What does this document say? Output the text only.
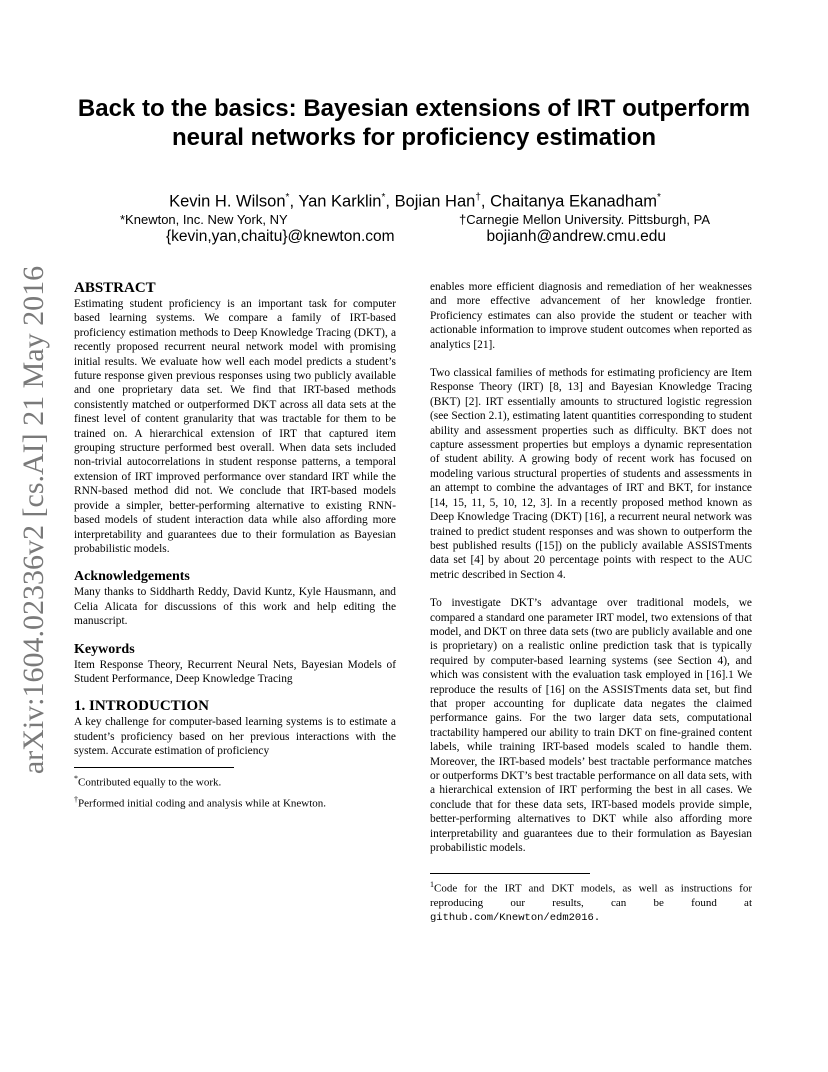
arXiv:1604.02336v2 [cs.AI] 21 May 2016
Back to the basics: Bayesian extensions of IRT outperform neural networks for proficiency estimation
Kevin H. Wilson*, Yan Karklin*, Bojian Han†, Chaitanya Ekanadham*
*Knewton, Inc. New York, NY	†Carnegie Mellon University. Pittsburgh, PA
{kevin,yan,chaitu}@knewton.com	bojianh@andrew.cmu.edu
ABSTRACT

Estimating student proficiency is an important task for computer based learning systems. We compare a family of IRT-based proficiency estimation methods to Deep Knowledge Tracing (DKT), a recently proposed recurrent neural network model with promising initial results. We evaluate how well each model predicts a student’s future response given previous responses using two publicly available and one proprietary data set. We find that IRT-based methods consistently matched or outperformed DKT across all data sets at the finest level of content granularity that was tractable for them to be trained on. A hierarchical extension of IRT that captured item grouping structure performed best overall. When data sets included non-trivial autocorrelations in student response patterns, a temporal extension of IRT improved performance over standard IRT while the RNN-based method did not. We conclude that IRT-based models provide a simpler, better-performing alternative to existing RNN-based models of student interaction data while also affording more interpretability and guarantees due to their formulation as Bayesian probabilistic models.

Acknowledgements

Many thanks to Siddharth Reddy, David Kuntz, Kyle Hausmann, and Celia Alicata for discussions of this work and help editing the manuscript.

Keywords

Item Response Theory, Recurrent Neural Nets, Bayesian Models of Student Performance, Deep Knowledge Tracing

1. INTRODUCTION

A key challenge for computer-based learning systems is to estimate a student’s proficiency based on her previous interactions with the system. Accurate estimation of proficiency

*Contributed equally to the work.

†Performed initial coding and analysis while at Knewton.

enables more efficient diagnosis and remediation of her weaknesses and more effective advancement of her knowledge frontier. Proficiency estimates can also provide the student or teacher with actionable information to improve student outcomes when reported as analytics [21].

Two classical families of methods for estimating proficiency are Item Response Theory (IRT) [8, 13] and Bayesian Knowledge Tracing (BKT) [2]. IRT essentially amounts to structured logistic regression (see Section 2.1), estimating latent quantities corresponding to student ability and assessment properties such as difficulty. BKT does not capture assessment properties but employs a dynamic representation of student ability. A growing body of recent work has focused on modeling various structural properties of students and assessments in an attempt to combine the advantages of IRT and BKT, for instance [14, 15, 11, 5, 10, 12, 3]. In a recently proposed method known as Deep Knowledge Tracing (DKT) [16], a recurrent neural network was trained to predict student responses and was shown to outperform the best published results ([15]) on the publicly available ASSISTments data set [4] by about 20 percentage points with respect to the AUC metric described in Section 4.

To investigate DKT’s advantage over traditional models, we compared a standard one parameter IRT model, two extensions of that model, and DKT on three data sets (two are publicly available and one is proprietary) on a realistic online prediction task that is typically required by computer-based learning systems (see Section 4), and which was consistent with the evaluation task employed in [16].1 We reproduce the results of [16] on the ASSISTments data set, but find that proper accounting for duplicate data negates the claimed performance gains. For the two larger data sets, computational tractability hampered our ability to train DKT on fine-grained content labels, while training IRT-based models scaled to handle them. Moreover, the IRT-based models’ best tractable performance matches or outperforms DKT’s best tractable performance on all data sets, with a hierarchical extension of IRT performing the best in all cases. We conclude that for these data sets, IRT-based models provide simple, better-performing alternatives to DKT while also affording more interpretability and guarantees due to their formulation as Bayesian probabilistic models.

$^1$Code for the IRT and DKT models, as well as instructions for reproducing our results, can be found at github.com/Knewton/edm2016.
